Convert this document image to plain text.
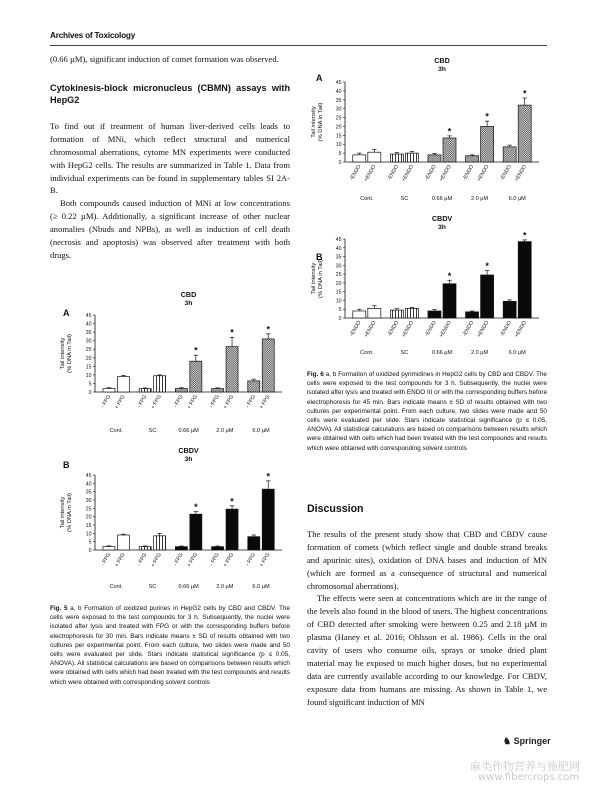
Archives of Toxicology

(0.66 µM), significant induction of comet formation was observed.

Cytokinesis-block micronucleus (CBMN) assays with HepG2

To find out if treatment of human liver-derived cells leads to formation of MNi, which reflect structural and numerical chromosomal aberrations, cytome MN experiments were conducted with HepG2 cells. The results are summarized in Table 1. Data from individual experiments can be found in supplementary tables SI 2A-B.

Both compounds caused induction of MNi at low concentrations (≥ 0.22 µM). Additionally, a significant increase of other nuclear anomalies (Nbuds and NPBs), as well as induction of cell death (necrosis and apoptosis) was observed after treatment with both drugs.

CBD
3h
A
0
5
10
15
20
25
30
35
40
45
Tail intensity (% DNA in Tail)
- FPG + FPG - FPG + FPG - FPG
*
+ FPG - FPG
*
+ FPG - FPG
*
+ FPG
Cont.	SC	0.66 µM	2.0 µM	6.0 µM
CBDV
3h
B
0
5
10
15
20
25
30
35
40
45
Tail intensity (% DNA in Tail)
- FPG + FPG - FPG + FPG - FPG
*
+ FPG - FPG
*
+ FPG - FPG
*
+ FPG
Cont.	SC	0.66 µM	2.0 µM	6.0 µM
Fig. 5 a, b Formation of oxidized purines in HepG2 cells by CBD and CBDV. The cells were exposed to the test compounds for 3 h. Subsequently, the nuclei were isolated after lysis and treated with FPG or with the corresponding buffers before electrophoresis for 30 min. Bars indicate means ± SD of results obtained with two cultures per experimental point. From each culture, two slides were made and 50 cells were evaluated per slide. Stars indicate statistical significance (p ≤ 0.05, ANOVA). All statistical calculations are based on comparisons between results which were obtained with cells which had been treated with the test compounds and results which were obtained with corresponding solvent controls
CBD
3h
A
0
5
10
15
20
25
30
35
40
45
Tail intensity (% DNA in Tail)
-ENDO +ENDO -ENDO +ENDO -ENDO
*
+ENDO -ENDO
*
+ENDO -ENDO
*
+ENDO
Cont.	SC	0.66 µM	2.0 µM	6.0 µM
CBDV
3h
B
0
5
10
15
20
25
30
35
40
45
Tail intensity (% DNA in Tail)
-ENDO +ENDO -ENDO +ENDO -ENDO
*
+ENDO -ENDO
*
+ENDO -ENDO
*
+ENDO
Cont.	SC	0.66 µM	2.0 µM	6.0 µM
Fig. 6 a, b Formation of oxidized pyrimidines in HepG2 cells by CBD and CBDV. The cells were exposed to the test compounds for 3 h. Subsequently, the nuclei were isolated after lysis and treated with ENDO III or with the corresponding buffers before electrophoresis for 45 min. Bars indicate means ± SD of results obtained with two cultures per experimental point. From each culture, two slides were made and 50 cells were evaluated per slide. Stars indicate statistical significance (p ≤ 0.05, ANOVA). All statistical calculations are based on comparisons between results which were obtained with cells which had been treated with the test compounds and results which were obtained with corresponding solvent controls
Discussion

The results of the present study show that CBD and CBDV cause formation of comets (which reflect single and double strand breaks and apurinic sites), oxidation of DNA bases and induction of MN (which are formed as a consequence of structural and numerical chromosomal aberrations).

The effects were seen at concentrations which are in the range of the levels also found in the blood of users. The highest concentrations of CBD detected after smoking were between 0.25 and 2.18 µM in plasma (Haney et al. 2016; Ohlsson et al. 1986). Cells in the oral cavity of users who consume oils, sprays or smoke dried plant material may be exposed to much higher doses, but no experimental data are currently available according to our knowledge. For CBDV, exposure data from humans are missing. As shown in Table 1, we found significant induction of MN

♞ Springer
麻类作物营养与施肥网
www.fibercrops.com
